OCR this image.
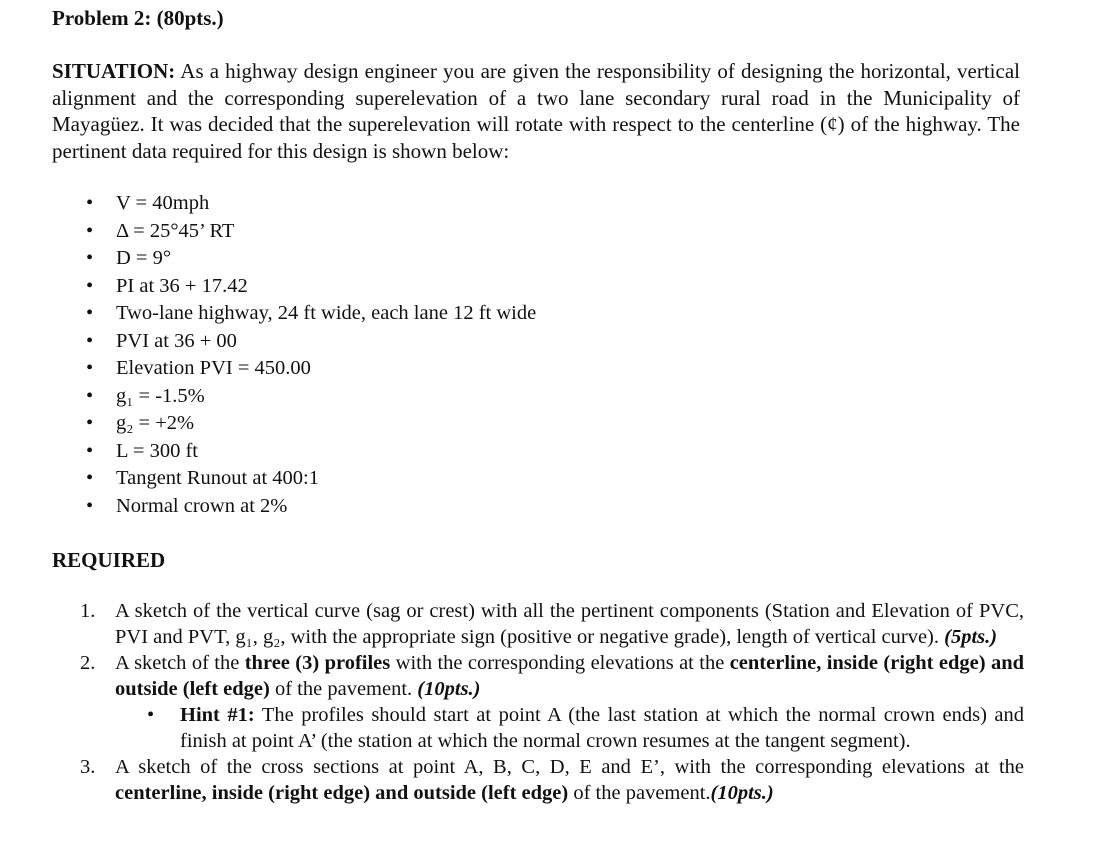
Problem 2: (80pts.)

SITUATION: As a highway design engineer you are given the responsibility of designing the horizontal, vertical alignment and the corresponding superelevation of a two lane secondary rural road in the Municipality of Mayagüez. It was decided that the superelevation will rotate with respect to the centerline (¢) of the highway. The pertinent data required for this design is shown below:

• V = 40mph
• Δ = 25°45’ RT
• D = 9°
• PI at 36 + 17.42
• Two-lane highway, 24 ft wide, each lane 12 ft wide
• PVI at 36 + 00
• Elevation PVI = 450.00
• g₁ = -1.5%
• g₂ = +2%
• L = 300 ft
• Tangent Runout at 400:1
• Normal crown at 2%
REQUIRED
1. A sketch of the vertical curve (sag or crest) with all the pertinent components (Station and Elevation of PVC, PVI and PVT, g₁, g₂, with the appropriate sign (positive or negative grade), length of vertical curve). (5pts.)
2. A sketch of the three (3) profiles with the corresponding elevations at the centerline, inside (right edge) and outside (left edge) of the pavement. (10pts.)
• Hint #1: The profiles should start at point A (the last station at which the normal crown ends) and finish at point A’ (the station at which the normal crown resumes at the tangent segment).
3. A sketch of the cross sections at point A, B, C, D, E and E’, with the corresponding elevations at the centerline, inside (right edge) and outside (left edge) of the pavement.(10pts.)
